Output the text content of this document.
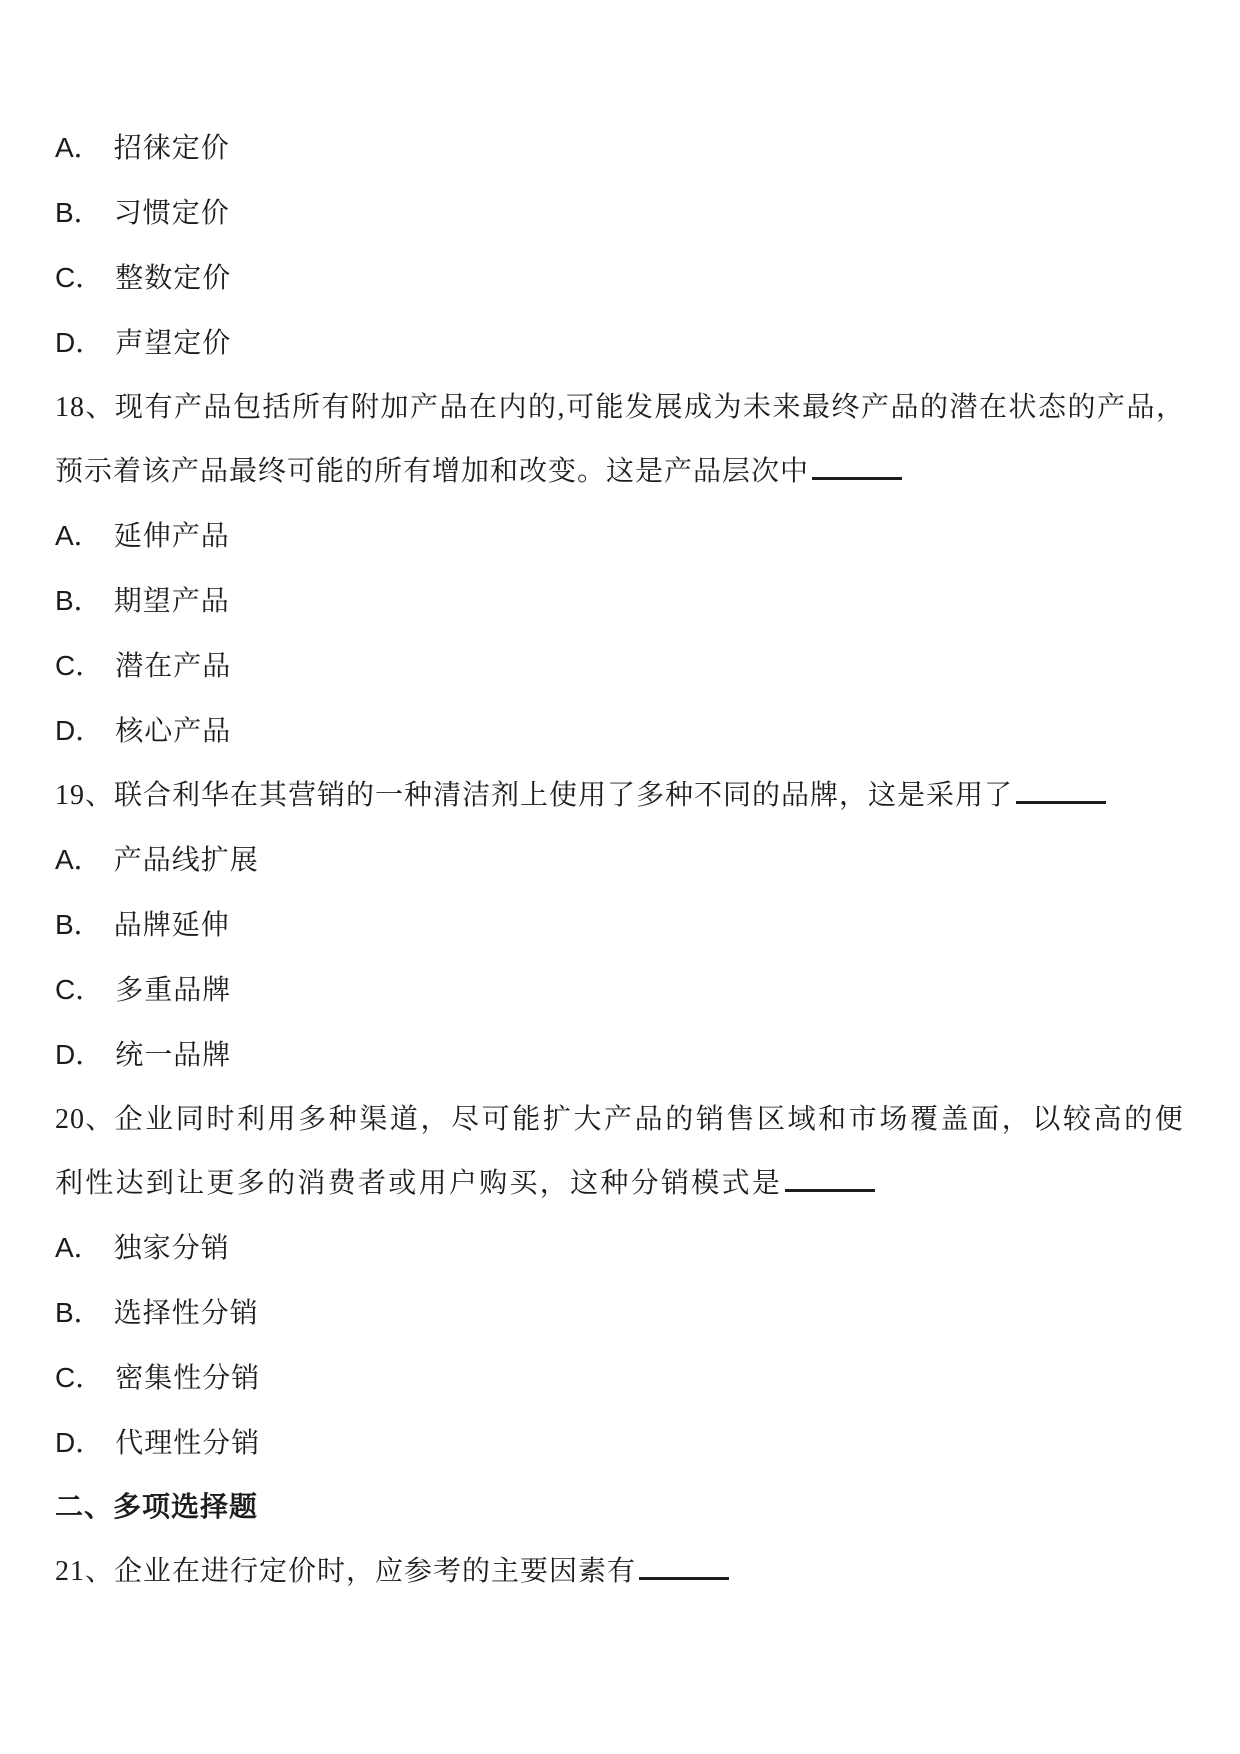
A． 招徕定价
B． 习惯定价
C． 整数定价
D． 声望定价
18、现有产品包括所有附加产品在内的,可能发展成为未来最终产品的潜在状态的产品，预示着该产品最终可能的所有增加和改变。这是产品层次中
A． 延伸产品
B． 期望产品
C． 潜在产品
D． 核心产品
19、联合利华在其营销的一种清洁剂上使用了多种不同的品牌，这是采用了
A． 产品线扩展
B． 品牌延伸
C． 多重品牌
D． 统一品牌
20、企业同时利用多种渠道，尽可能扩大产品的销售区域和市场覆盖面，以较高的便利性达到让更多的消费者或用户购买，这种分销模式是
A． 独家分销
B． 选择性分销
C． 密集性分销
D． 代理性分销
二、多项选择题
21、企业在进行定价时，应参考的主要因素有
